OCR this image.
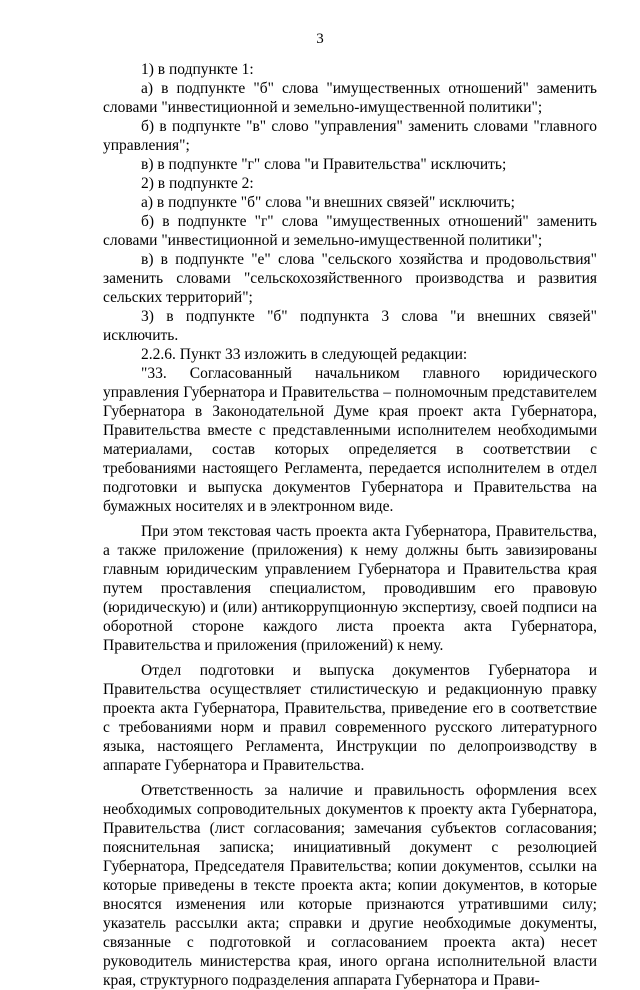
3

1) в подпункте 1:

а) в подпункте "б" слова "имущественных отношений" заменить словами "инвестиционной и земельно-имущественной политики";

б) в подпункте "в" слово "управления" заменить словами "главного управления";

в) в подпункте "г" слова "и Правительства" исключить;

2) в подпункте 2:

а) в подпункте "б" слова "и внешних связей" исключить;

б) в подпункте "г" слова "имущественных отношений" заменить словами "инвестиционной и земельно-имущественной политики";

в) в подпункте "е" слова "сельского хозяйства и продовольствия" заменить словами "сельскохозяйственного производства и развития сельских территорий";

3) в подпункте "б" подпункта 3 слова "и внешних связей" исключить.

2.2.6. Пункт 33 изложить в следующей редакции:

"33. Согласованный начальником главного юридического управления Губернатора и Правительства – полномочным представителем Губернатора в Законодательной Думе края проект акта Губернатора, Правительства вместе с представленными исполнителем необходимыми материалами, состав которых определяется в соответствии с требованиями настоящего Регламента, передается исполнителем в отдел подготовки и выпуска документов Губернатора и Правительства на бумажных носителях и в электронном виде.

При этом текстовая часть проекта акта Губернатора, Правительства, а также приложение (приложения) к нему должны быть завизированы главным юридическим управлением Губернатора и Правительства края путем проставления специалистом, проводившим его правовую (юридическую) и (или) антикоррупционную экспертизу, своей подписи на оборотной стороне каждого листа проекта акта Губернатора, Правительства и приложения (приложений) к нему.

Отдел подготовки и выпуска документов Губернатора и Правительства осуществляет стилистическую и редакционную правку проекта акта Губернатора, Правительства, приведение его в соответствие с требованиями норм и правил современного русского литературного языка, настоящего Регламента, Инструкции по делопроизводству в аппарате Губернатора и Правительства.

Ответственность за наличие и правильность оформления всех необходимых сопроводительных документов к проекту акта Губернатора, Правительства (лист согласования; замечания субъектов согласования; пояснительная записка; инициативный документ с резолюцией Губернатора, Председателя Правительства; копии документов, ссылки на которые приведены в тексте проекта акта; копии документов, в которые вносятся изменения или которые признаются утратившими силу; указатель рассылки акта; справки и другие необходимые документы, связанные с подготовкой и согласованием проекта акта) несет руководитель министерства края, иного органа исполнительной власти края, структурного подразделения аппарата Губернатора и Прави-
